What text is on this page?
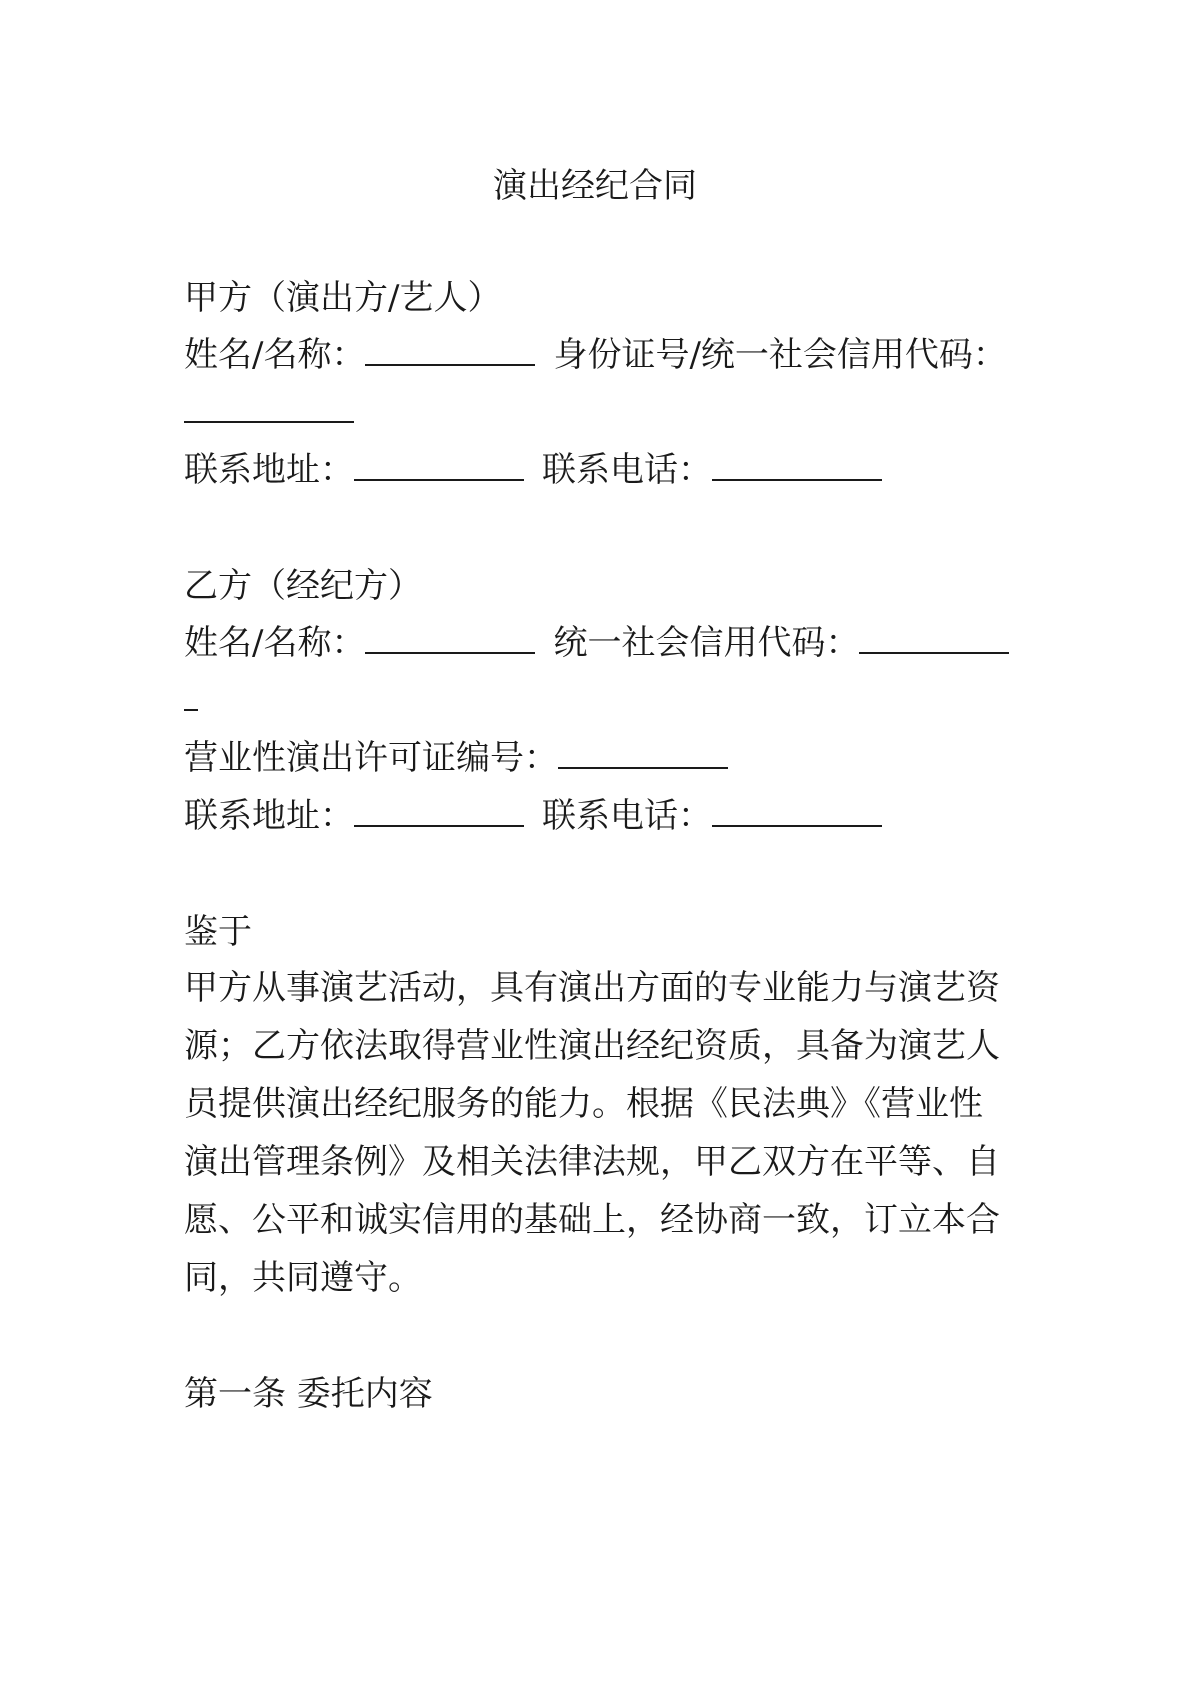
演出经纪合同
甲方（演出方/艺人）
姓名/名称：	身份证号/统一社会信用代码：
联系地址：	联系电话：
乙方（经纪方）
姓名/名称：	统一社会信用代码：
营业性演出许可证编号：
联系地址：	联系电话：
鉴于
甲方从事演艺活动，具有演出方面的专业能力与演艺资
源；乙方依法取得营业性演出经纪资质，具备为演艺人
员提供演出经纪服务的能力。根据《民法典》《营业性
演出管理条例》及相关法律法规，甲乙双方在平等、自
愿、公平和诚实信用的基础上，经协商一致，订立本合
同，共同遵守。
第一条 委托内容
